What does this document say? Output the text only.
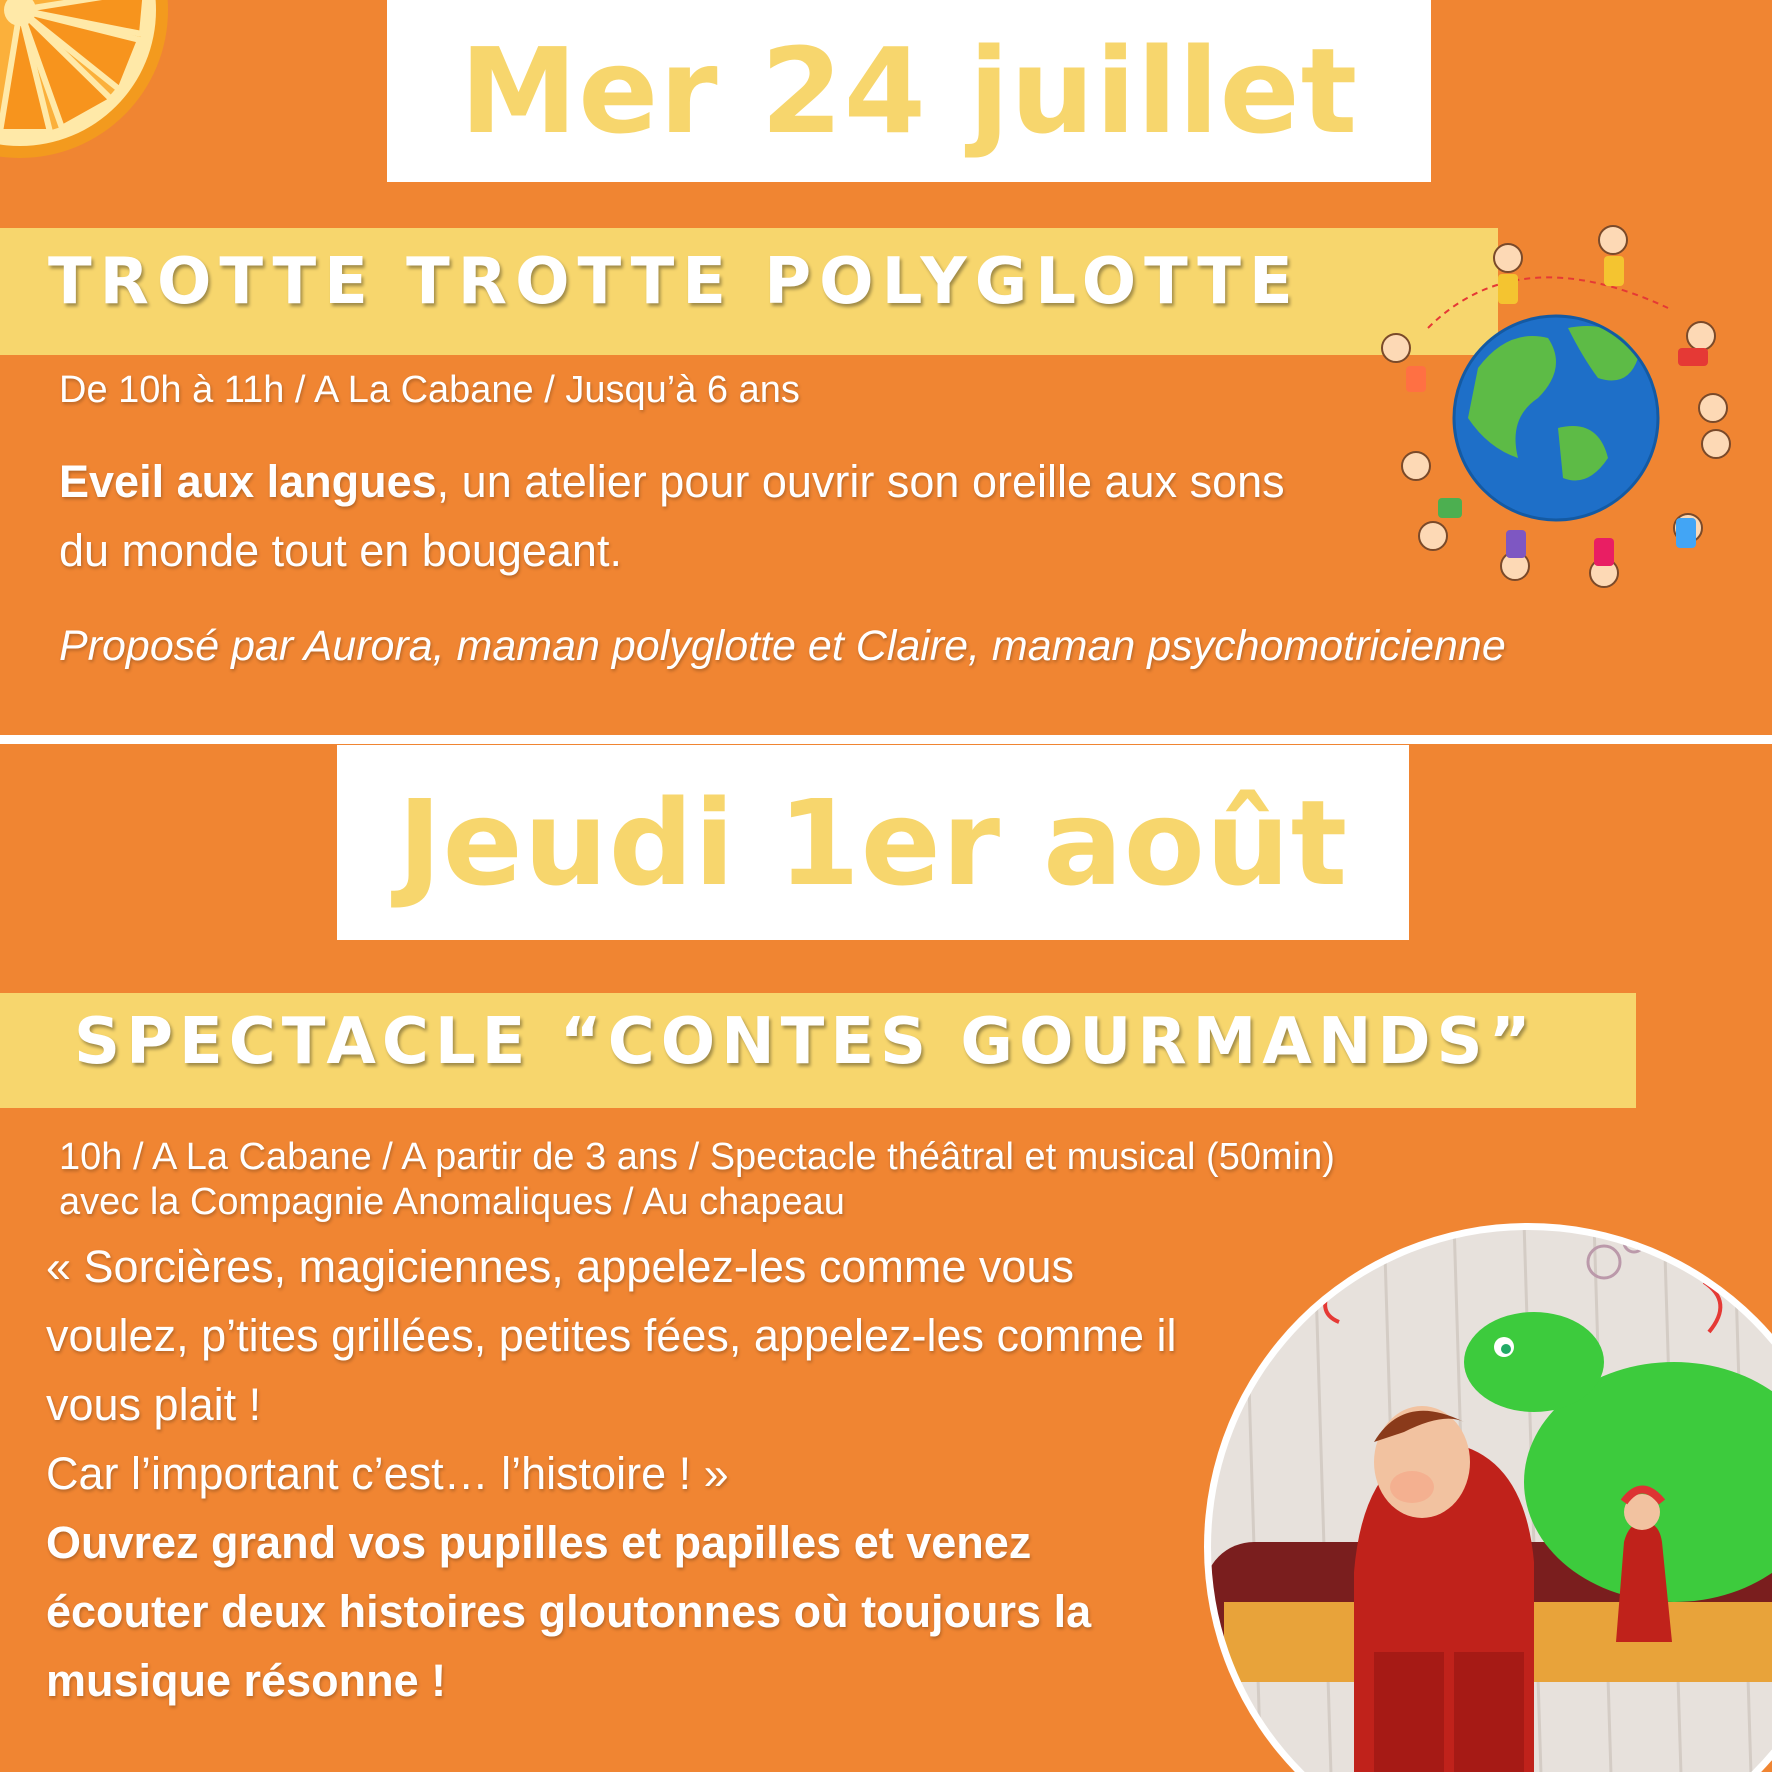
Mer 24 juillet
TROTTE TROTTE POLYGLOTTE
De 10h à 11h / A La Cabane / Jusqu’à 6 ans
Eveil aux langues, un atelier pour ouvrir son oreille aux sons
du monde tout en bougeant.
Proposé par Aurora, maman polyglotte et Claire, maman psychomotricienne
Jeudi 1er août
SPECTACLE “CONTES GOURMANDS”
10h / A La Cabane / A partir de 3 ans / Spectacle théâtral et musical (50min)
avec la Compagnie Anomaliques / Au chapeau
« Sorcières, magiciennes, appelez-les comme vous
voulez, p’tites grillées, petites fées, appelez-les comme il
vous plait !
Car l’important c’est… l’histoire ! »
Ouvrez grand vos pupilles et papilles et venez
écouter deux histoires gloutonnes où toujours la
musique résonne !
